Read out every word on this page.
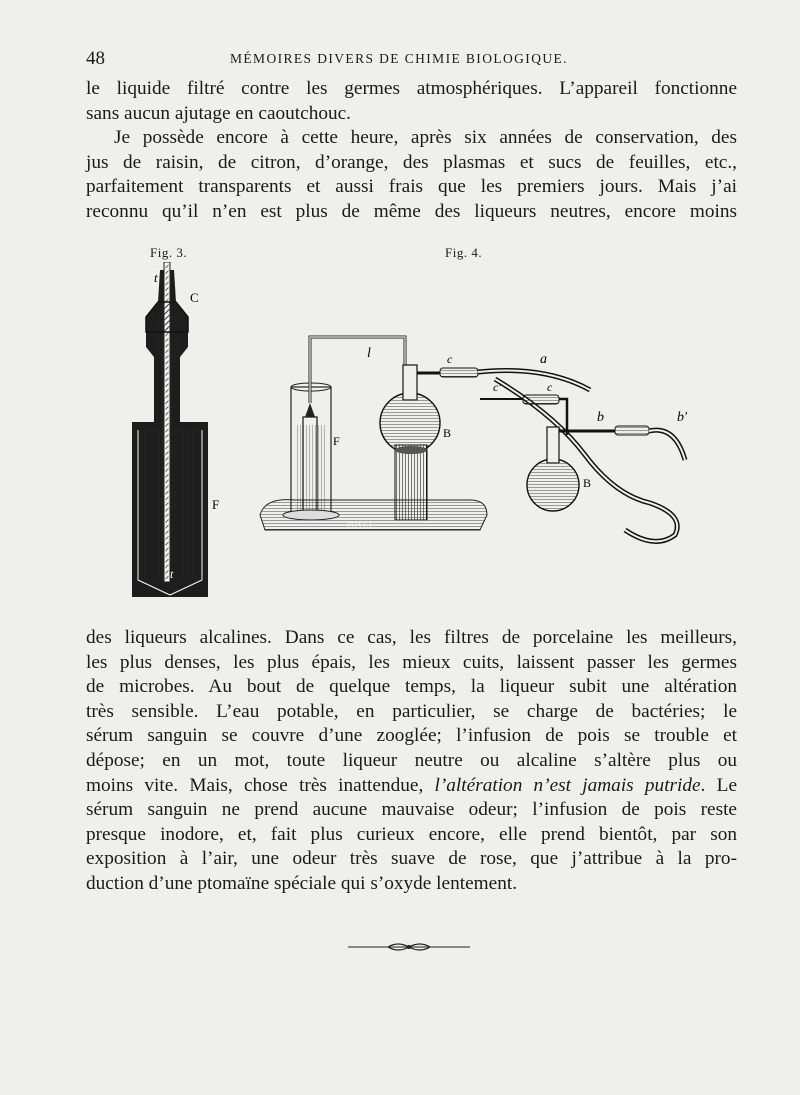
48	MÉMOIRES DIVERS DE CHIMIE BIOLOGIQUE.
le liquide filtré contre les germes atmosphériques. L’appareil fonctionne
sans aucun ajutage en caoutchouc.
Je possède encore à cette heure, après six années de conservation, des
jus de raisin, de citron, d’orange, des plasmas et sucs de feuilles, etc.,
parfaitement transparents et aussi frais que les premiers jours. Mais j’ai
reconnu qu’il n’en est plus de même des liqueurs neutres, encore moins
Fig. 3.	Fig. 4.
t
C
F
t
l	c	a
c′	c
b	b′
B
B
F
POYET
des liqueurs alcalines. Dans ce cas, les filtres de porcelaine les meilleurs,
les plus denses, les plus épais, les mieux cuits, laissent passer les germes
de microbes. Au bout de quelque temps, la liqueur subit une altération
très sensible. L’eau potable, en particulier, se charge de bactéries; le
sérum sanguin se couvre d’une zooglée; l’infusion de pois se trouble et
dépose; en un mot, toute liqueur neutre ou alcaline s’altère plus ou
moins vite. Mais, chose très inattendue, l’altération n’est jamais putride. Le
sérum sanguin ne prend aucune mauvaise odeur; l’infusion de pois reste
presque inodore, et, fait plus curieux encore, elle prend bientôt, par son
exposition à l’air, une odeur très suave de rose, que j’attribue à la pro-
duction d’une ptomaïne spéciale qui s’oxyde lentement.
